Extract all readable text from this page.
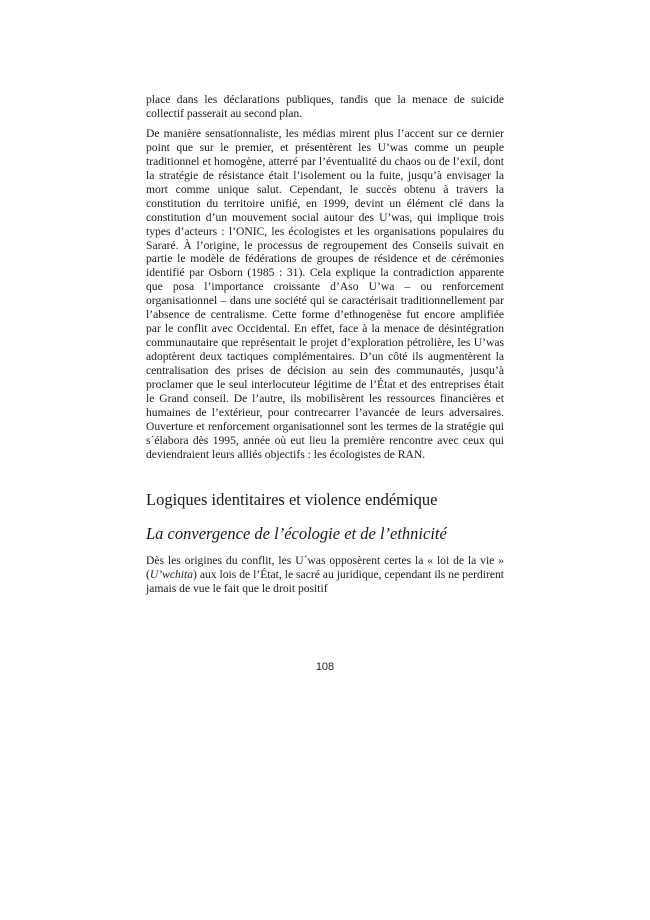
place dans les déclarations publiques, tandis que la menace de suicide collectif passerait au second plan.

De manière sensationnaliste, les médias mirent plus l’accent sur ce dernier point que sur le premier, et présentèrent les U’was comme un peuple traditionnel et homogène, atterré par l’éventualité du chaos ou de l’exil, dont la stratégie de résistance était l’isolement ou la fuite, jusqu’à envisager la mort comme unique salut. Cependant, le succès obtenu à travers la constitution du territoire unifié, en 1999, devint un élément clé dans la constitution d’un mouvement social autour des U’was, qui implique trois types d’acteurs : l’ONIC, les écologistes et les organisations populaires du Sararé. À l’origine, le processus de regroupement des Conseils suivait en partie le modèle de fédérations de groupes de résidence et de cérémonies identifié par Osborn (1985 : 31). Cela explique la contradiction apparente que posa l’importance croissante d’Aso U’wa – ou renforcement organisationnel – dans une société qui se caractérisait traditionnellement par l’absence de centralisme. Cette forme d’ethnogenèse fut encore amplifiée par le conflit avec Occidental. En effet, face à la menace de désintégration communautaire que représentait le projet d’exploration pétrolière, les U’was adoptèrent deux tactiques complémentaires. D’un côté ils augmentèrent la centralisation des prises de décision au sein des communautés, jusqu’à proclamer que le seul interlocuteur légitime de l’État et des entreprises était le Grand conseil. De l’autre, ils mobilisèrent les ressources financières et humaines de l’extérieur, pour contrecarrer l’avancée de leurs adversaires. Ouverture et renforcement organisationnel sont les termes de la stratégie qui s´élabora dès 1995, année où eut lieu la première rencontre avec ceux qui deviendraient leurs alliés objectifs : les écologistes de RAN.

Logiques identitaires et violence endémique
La convergence de l’écologie et de l’ethnicité

Dès les origines du conflit, les U´was opposèrent certes la « loi de la vie » (U’wchita) aux lois de l’État, le sacré au juridique, cependant ils ne perdirent jamais de vue le fait que le droit positif

108
